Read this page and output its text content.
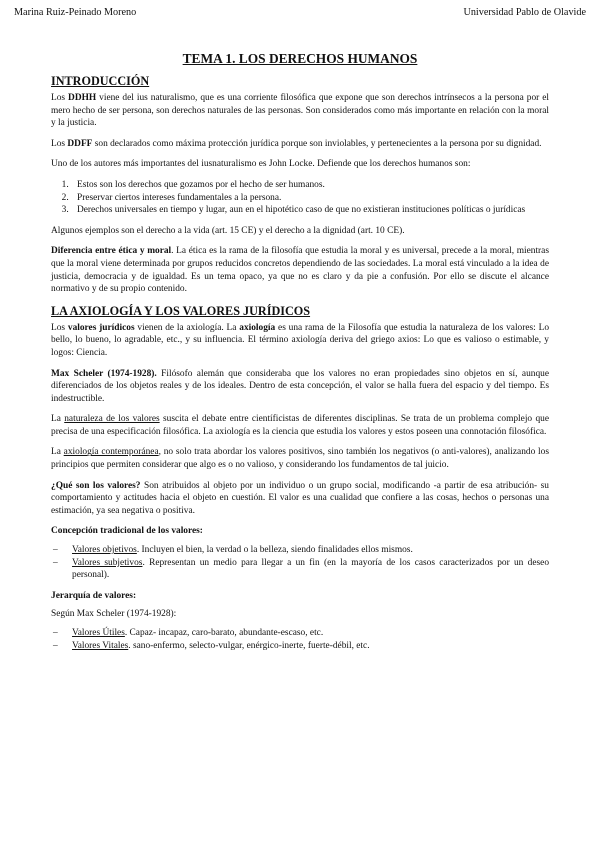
Marina Ruiz-Peinado Moreno	Universidad Pablo de Olavide
TEMA 1. LOS DERECHOS HUMANOS
INTRODUCCIÓN

Los DDHH viene del ius naturalismo, que es una corriente filosófica que expone que son derechos intrínsecos a la persona por el mero hecho de ser persona, son derechos naturales de las personas. Son considerados como más importante en relación con la moral y la justicia.

Los DDFF son declarados como máxima protección jurídica porque son inviolables, y pertenecientes a la persona por su dignidad.

Uno de los autores más importantes del iusnaturalismo es John Locke. Defiende que los derechos humanos son:

1. Estos son los derechos que gozamos por el hecho de ser humanos.
2. Preservar ciertos intereses fundamentales a la persona.
3. Derechos universales en tiempo y lugar, aun en el hipotético caso de que no existieran instituciones políticas o jurídicas

Algunos ejemplos son el derecho a la vida (art. 15 CE) y el derecho a la dignidad (art. 10 CE).

Diferencia entre ética y moral. La ética es la rama de la filosofía que estudia la moral y es universal, precede a la moral, mientras que la moral viene determinada por grupos reducidos concretos dependiendo de las sociedades. La moral está vinculado a la idea de justicia, democracia y de igualdad. Es un tema opaco, ya que no es claro y da pie a confusión. Por ello se discute el alcance normativo y de su propio contenido.

LA AXIOLOGÍA Y LOS VALORES JURÍDICOS

Los valores jurídicos vienen de la axiología. La axiología es una rama de la Filosofía que estudia la naturaleza de los valores: Lo bello, lo bueno, lo agradable, etc., y su influencia. El término axiología deriva del griego axios: Lo que es valioso o estimable, y logos: Ciencia.

Max Scheler (1974-1928). Filósofo alemán que consideraba que los valores no eran propiedades sino objetos en sí, aunque diferenciados de los objetos reales y de los ideales. Dentro de esta concepción, el valor se halla fuera del espacio y del tiempo. Es indestructible.

La naturaleza de los valores suscita el debate entre científicistas de diferentes disciplinas. Se trata de un problema complejo que precisa de una especificación filosófica. La axiología es la ciencia que estudia los valores y estos poseen una connotación filosófica.

La axiología contemporánea, no solo trata abordar los valores positivos, sino también los negativos (o anti-valores), analizando los principios que permiten considerar que algo es o no valioso, y considerando los fundamentos de tal juicio.

¿Qué son los valores? Son atribuidos al objeto por un individuo o un grupo social, modificando -a partir de esa atribución- su comportamiento y actitudes hacia el objeto en cuestión. El valor es una cualidad que confiere a las cosas, hechos o personas una estimación, ya sea negativa o positiva.

Concepción tradicional de los valores:

– Valores objetivos. Incluyen el bien, la verdad o la belleza, siendo finalidades ellos mismos.
– Valores subjetivos. Representan un medio para llegar a un fin (en la mayoría de los casos caracterizados por un deseo personal).

Jerarquía de valores:

Según Max Scheler (1974-1928):

– Valores Útiles. Capaz- incapaz, caro-barato, abundante-escaso, etc.
– Valores Vitales. sano-enfermo, selecto-vulgar, enérgico-inerte, fuerte-débil, etc.
